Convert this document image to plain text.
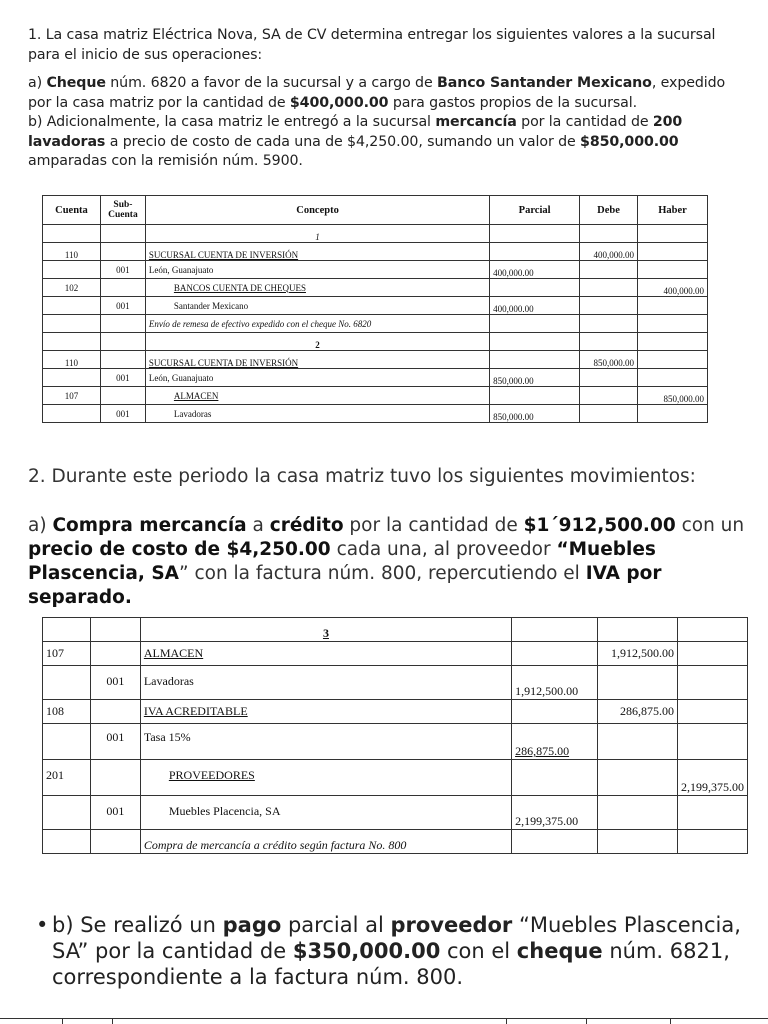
1. La casa matriz Eléctrica Nova, SA de CV determina entregar los siguientes valores a la sucursal para el inicio de sus operaciones:
a) Cheque núm. 6820 a favor de la sucursal y a cargo de Banco Santander Mexicano, expedido por la casa matriz por la cantidad de $400,000.00 para gastos propios de la sucursal.
b) Adicionalmente, la casa matriz le entregó a la sucursal mercancía por la cantidad de 200 lavadoras a precio de costo de cada una de $4,250.00, sumando un valor de $850,000.00 amparadas con la remisión núm. 5900.
Cuenta	Sub-Cuenta	Concepto	Parcial	Debe	Haber
		1			
110		SUCURSAL CUENTA DE INVERSIÓN		400,000.00	
	001	León, Guanajuato	400,000.00		
102		BANCOS CUENTA DE CHEQUES			400,000.00
	001	Santander Mexicano	400,000.00		
		Envío de remesa de efectivo expedido con el cheque No. 6820			
		2			
110		SUCURSAL CUENTA DE INVERSIÓN		850,000.00	
	001	León, Guanajuato	850,000.00		
107		ALMACEN			850,000.00
	001	Lavadoras	850,000.00		
2. Durante este periodo la casa matriz tuvo los siguientes movimientos:
a) Compra mercancía a crédito por la cantidad de $1´912,500.00 con un precio de costo de $4,250.00 cada una, al proveedor “Muebles Plascencia, SA” con la factura núm. 800, repercutiendo el IVA por separado.
		3			
107		ALMACEN		1,912,500.00	
	001	Lavadoras	1,912,500.00		
108		IVA ACREDITABLE		286,875.00	
	001	Tasa 15%	286,875.00		
201		PROVEEDORES			2,199,375.00
	001	Muebles Placencia, SA	2,199,375.00		
		Compra de mercancía a crédito según factura No. 800			
• b) Se realizó un pago parcial al proveedor “Muebles Plascencia, SA” por la cantidad de $350,000.00 con el cheque núm. 6821, correspondiente a la factura núm. 800.
